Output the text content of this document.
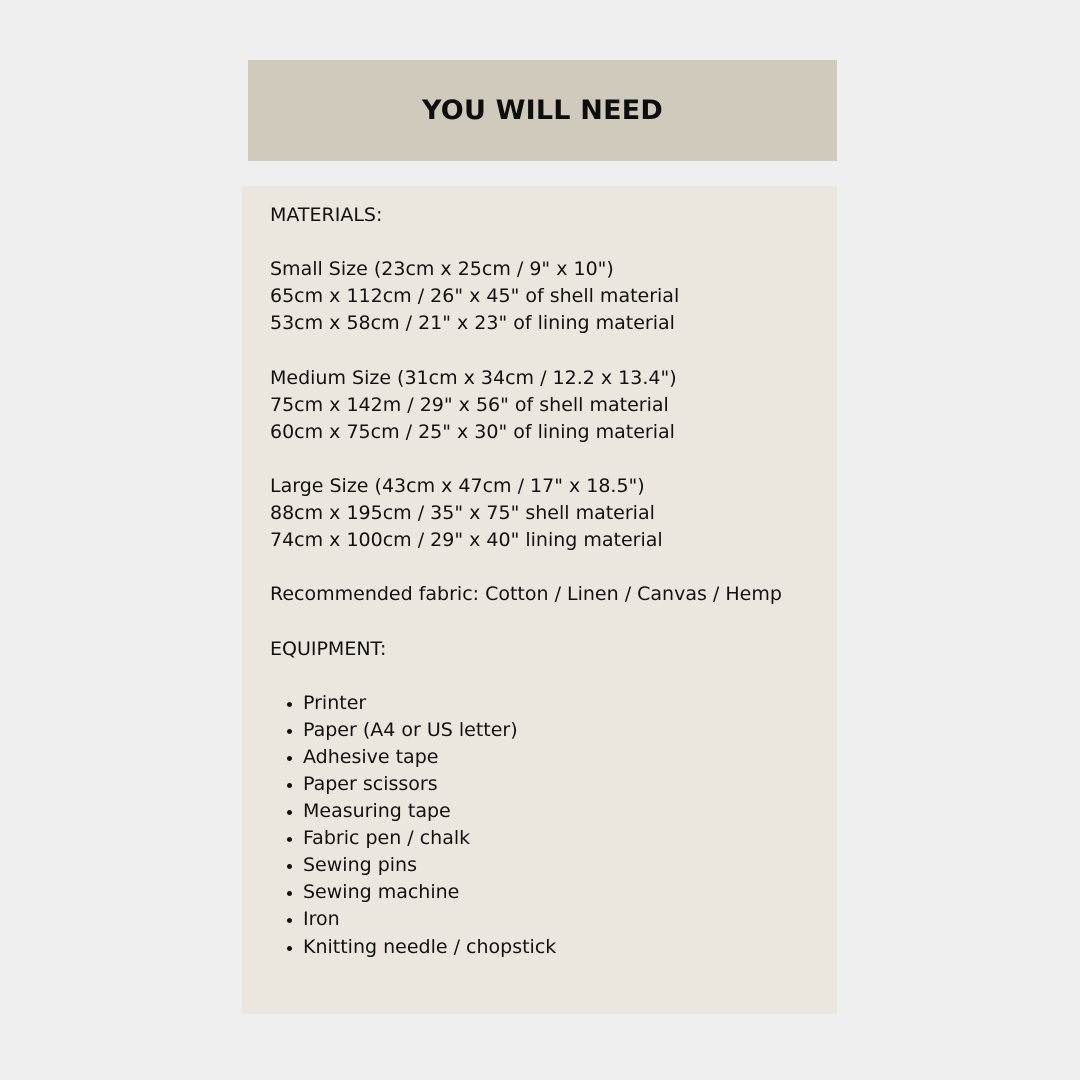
YOU WILL NEED

MATERIALS:

Small Size (23cm x 25cm / 9" x 10")

65cm x 112cm / 26" x 45" of shell material

53cm x 58cm / 21" x 23" of lining material

Medium Size (31cm x 34cm / 12.2 x 13.4")

75cm x 142m / 29" x 56" of shell material

60cm x 75cm / 25" x 30" of lining material

Large Size (43cm x 47cm / 17" x 18.5")

88cm x 195cm / 35" x 75" shell material

74cm x 100cm / 29" x 40" lining material

Recommended fabric: Cotton / Linen / Canvas / Hemp

EQUIPMENT:

• Printer
• Paper (A4 or US letter)
• Adhesive tape
• Paper scissors
• Measuring tape
• Fabric pen / chalk
• Sewing pins
• Sewing machine
• Iron
• Knitting needle / chopstick
